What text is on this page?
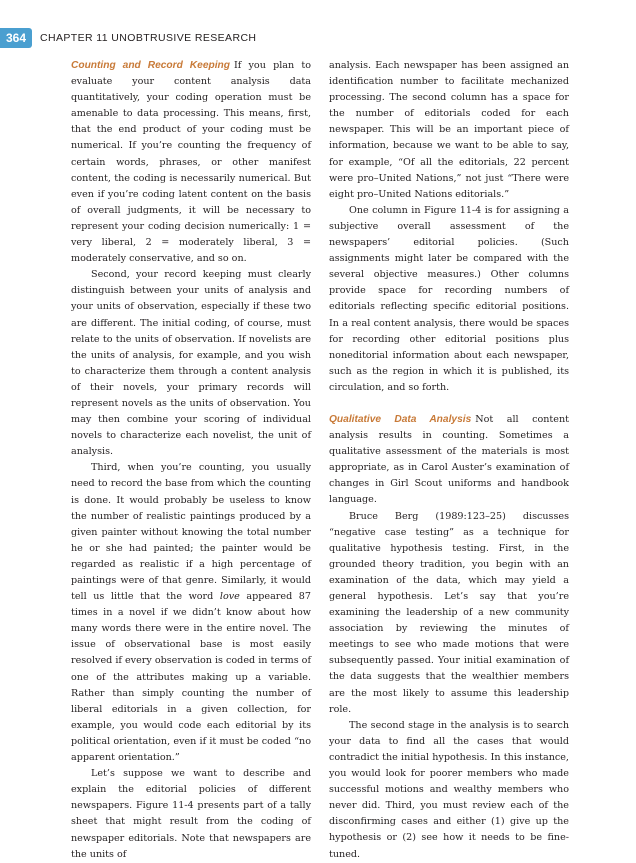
364	CHAPTER 11 UNOBTRUSIVE RESEARCH

Counting and Record Keeping If you plan to evaluate your content analysis data quantitatively, your coding operation must be amenable to data processing. This means, first, that the end product of your coding must be numerical. If you’re counting the frequency of certain words, phrases, or other manifest content, the coding is necessarily numerical. But even if you’re coding latent content on the basis of overall judgments, it will be necessary to represent your coding decision numerically: 1 = very liberal, 2 = moderately liberal, 3 = moderately conservative, and so on.

Second, your record keeping must clearly distinguish between your units of analysis and your units of observation, especially if these two are different. The initial coding, of course, must relate to the units of observation. If novelists are the units of analysis, for example, and you wish to characterize them through a content analysis of their novels, your primary records will represent novels as the units of observation. You may then combine your scoring of individual novels to characterize each novelist, the unit of analysis.

Third, when you’re counting, you usually need to record the base from which the counting is done. It would probably be useless to know the number of realistic paintings produced by a given painter without knowing the total number he or she had painted; the painter would be regarded as realistic if a high percentage of paintings were of that genre. Similarly, it would tell us little that the word love appeared 87 times in a novel if we didn’t know about how many words there were in the entire novel. The issue of observational base is most easily resolved if every observation is coded in terms of one of the attributes making up a variable. Rather than simply counting the number of liberal editorials in a given collection, for example, you would code each editorial by its political orientation, even if it must be coded “no apparent orientation.”

Let’s suppose we want to describe and explain the editorial policies of different newspapers. Figure 11-4 presents part of a tally sheet that might result from the coding of newspaper editorials. Note that newspapers are the units of

analysis. Each newspaper has been assigned an identification number to facilitate mechanized processing. The second column has a space for the number of editorials coded for each newspaper. This will be an important piece of information, because we want to be able to say, for example, “Of all the editorials, 22 percent were pro–United Nations,” not just “There were eight pro–United Nations editorials.”

One column in Figure 11-4 is for assigning a subjective overall assessment of the newspapers’ editorial policies. (Such assignments might later be compared with the several objective measures.) Other columns provide space for recording numbers of editorials reflecting specific editorial positions. In a real content analysis, there would be spaces for recording other editorial positions plus noneditorial information about each newspaper, such as the region in which it is published, its circulation, and so forth.

Qualitative Data Analysis Not all content analysis results in counting. Sometimes a qualitative assessment of the materials is most appropriate, as in Carol Auster’s examination of changes in Girl Scout uniforms and handbook language.

Bruce Berg (1989:123–25) discusses “negative case testing” as a technique for qualitative hypothesis testing. First, in the grounded theory tradition, you begin with an examination of the data, which may yield a general hypothesis. Let’s say that you’re examining the leadership of a new community association by reviewing the minutes of meetings to see who made motions that were subsequently passed. Your initial examination of the data suggests that the wealthier members are the most likely to assume this leadership role.

The second stage in the analysis is to search your data to find all the cases that would contradict the initial hypothesis. In this instance, you would look for poorer members who made successful motions and wealthy members who never did. Third, you must review each of the disconfirming cases and either (1) give up the hypothesis or (2) see how it needs to be fine-tuned.
